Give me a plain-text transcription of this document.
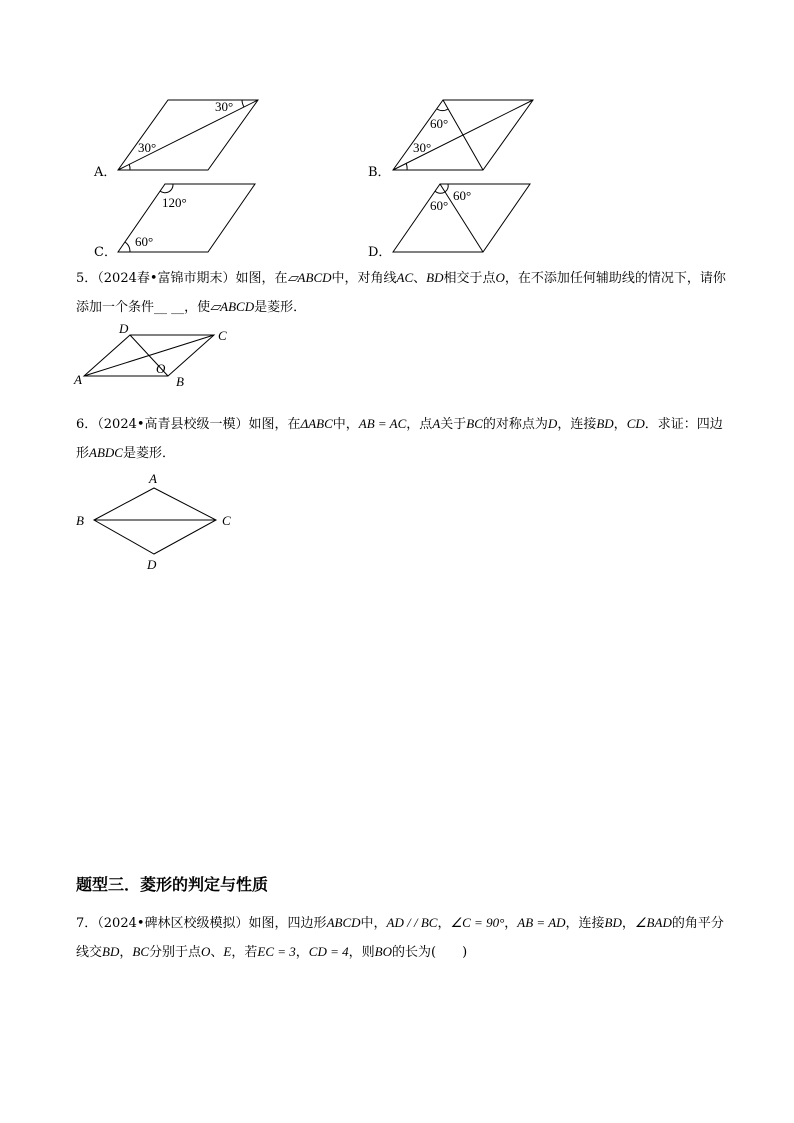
A．
30°
30°
B．
60°
30°
C．
120°
60°
D．
60°
60°
5．（2024春•富锦市期末）如图，在▱ABCD中，对角线AC、BD相交于点O，在不添加任何辅助线的情况下，请你添加一个条件__ __，使▱ABCD是菱形．
A	B
C
D
O
6．（2024•高青县校级一模）如图，在ΔABC中，AB = AC，点A关于BC的对称点为D，连接BD，CD．求证：四边形ABDC是菱形．
A
B	C
D
题型三．菱形的判定与性质
7．（2024•碑林区校级模拟）如图，四边形ABCD中，AD / / BC，∠C = 90°，AB = AD，连接BD，∠BAD的角平分线交BD，BC分别于点O、E，若EC = 3，CD = 4，则BO的长为(　　)
